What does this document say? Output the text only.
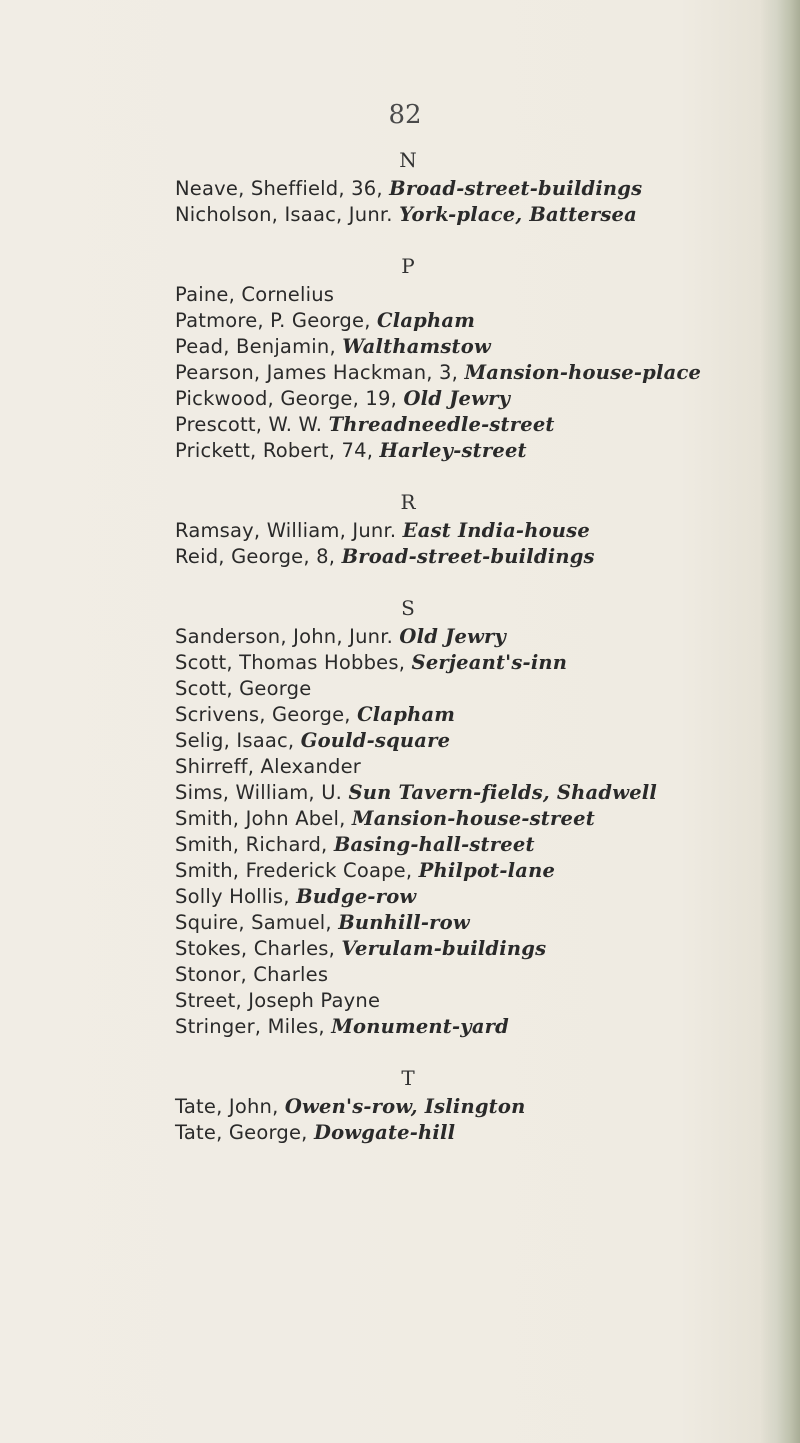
82
N
Neave, Sheffield, 36, Broad-street-buildings
Nicholson, Isaac, Junr. York-place, Battersea
P
Paine, Cornelius
Patmore, P. George, Clapham
Pead, Benjamin, Walthamstow
Pearson, James Hackman, 3, Mansion-house-place
Pickwood, George, 19, Old Jewry
Prescott, W. W. Threadneedle-street
Prickett, Robert, 74, Harley-street
R
Ramsay, William, Junr. East India-house
Reid, George, 8, Broad-street-buildings
S
Sanderson, John, Junr. Old Jewry
Scott, Thomas Hobbes, Serjeant's-inn
Scott, George
Scrivens, George, Clapham
Selig, Isaac, Gould-square
Shirreff, Alexander
Sims, William, U. Sun Tavern-fields, Shadwell
Smith, John Abel, Mansion-house-street
Smith, Richard, Basing-hall-street
Smith, Frederick Coape, Philpot-lane
Solly Hollis, Budge-row
Squire, Samuel, Bunhill-row
Stokes, Charles, Verulam-buildings
Stonor, Charles
Street, Joseph Payne
Stringer, Miles, Monument-yard
T
Tate, John, Owen's-row, Islington
Tate, George, Dowgate-hill
